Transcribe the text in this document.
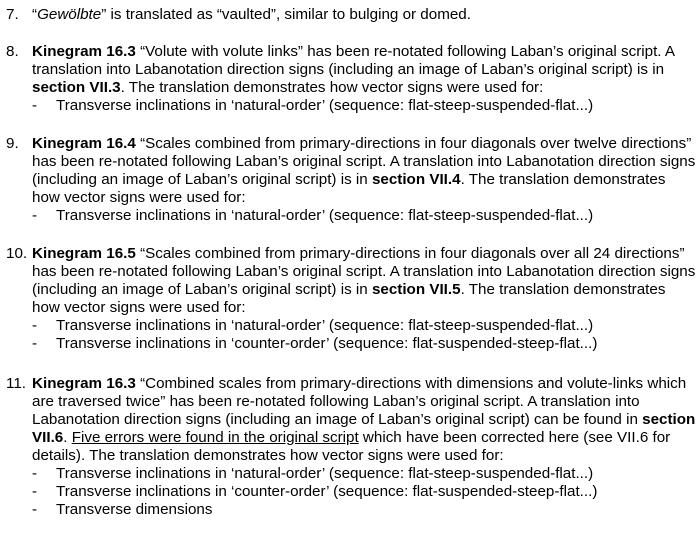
7. “Gewölbte” is translated as “vaulted”, similar to bulging or domed.
8. Kinegram 16.3 “Volute with volute links” has been re-notated following Laban’s original script. A translation into Labanotation direction signs (including an image of Laban’s original script) is in section VII.3. The translation demonstrates how vector signs were used for:
- Transverse inclinations in ‘natural-order’ (sequence: flat-steep-suspended-flat...)
9. Kinegram 16.4 “Scales combined from primary-directions in four diagonals over twelve directions” has been re-notated following Laban’s original script. A translation into Labanotation direction signs (including an image of Laban’s original script) is in section VII.4. The translation demonstrates how vector signs were used for:
- Transverse inclinations in ‘natural-order’ (sequence: flat-steep-suspended-flat...)
10. Kinegram 16.5 “Scales combined from primary-directions in four diagonals over all 24 directions” has been re-notated following Laban’s original script. A translation into Labanotation direction signs (including an image of Laban’s original script) is in section VII.5. The translation demonstrates how vector signs were used for:
- Transverse inclinations in ‘natural-order’ (sequence: flat-steep-suspended-flat...)
- Transverse inclinations in ‘counter-order’ (sequence: flat-suspended-steep-flat...)
11. Kinegram 16.3 “Combined scales from primary-directions with dimensions and volute-links which are traversed twice” has been re-notated following Laban’s original script. A translation into Labanotation direction signs (including an image of Laban’s original script) can be found in section VII.6. Five errors were found in the original script which have been corrected here (see VII.6 for details). The translation demonstrates how vector signs were used for:
- Transverse inclinations in ‘natural-order’ (sequence: flat-steep-suspended-flat...)
- Transverse inclinations in ‘counter-order’ (sequence: flat-suspended-steep-flat...)
- Transverse dimensions
